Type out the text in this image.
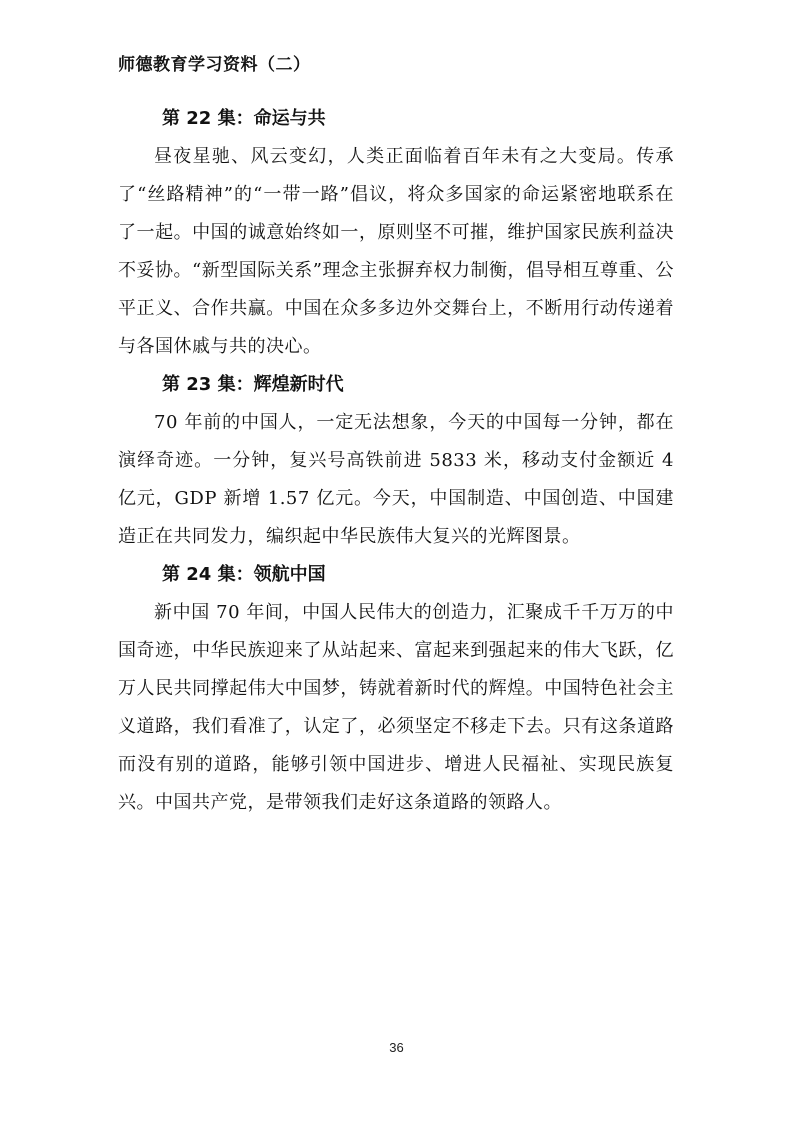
师德教育学习资料（二）
第 22 集：命运与共

昼夜星驰、风云变幻，人类正面临着百年未有之大变局。传承了“丝路精神”的“一带一路”倡议，将众多国家的命运紧密地联系在了一起。中国的诚意始终如一，原则坚不可摧，维护国家民族利益决不妥协。“新型国际关系”理念主张摒弃权力制衡，倡导相互尊重、公平正义、合作共赢。中国在众多多边外交舞台上，不断用行动传递着与各国休戚与共的决心。

第 23 集：辉煌新时代

70 年前的中国人，一定无法想象，今天的中国每一分钟，都在演绎奇迹。一分钟，复兴号高铁前进 5833 米，移动支付金额近 4 亿元，GDP 新增 1.57 亿元。今天，中国制造、中国创造、中国建造正在共同发力，编织起中华民族伟大复兴的光辉图景。

第 24 集：领航中国

新中国 70 年间，中国人民伟大的创造力，汇聚成千千万万的中国奇迹，中华民族迎来了从站起来、富起来到强起来的伟大飞跃，亿万人民共同撑起伟大中国梦，铸就着新时代的辉煌。中国特色社会主义道路，我们看准了，认定了，必须坚定不移走下去。只有这条道路而没有别的道路，能够引领中国进步、增进人民福祉、实现民族复兴。中国共产党，是带领我们走好这条道路的领路人。

36
